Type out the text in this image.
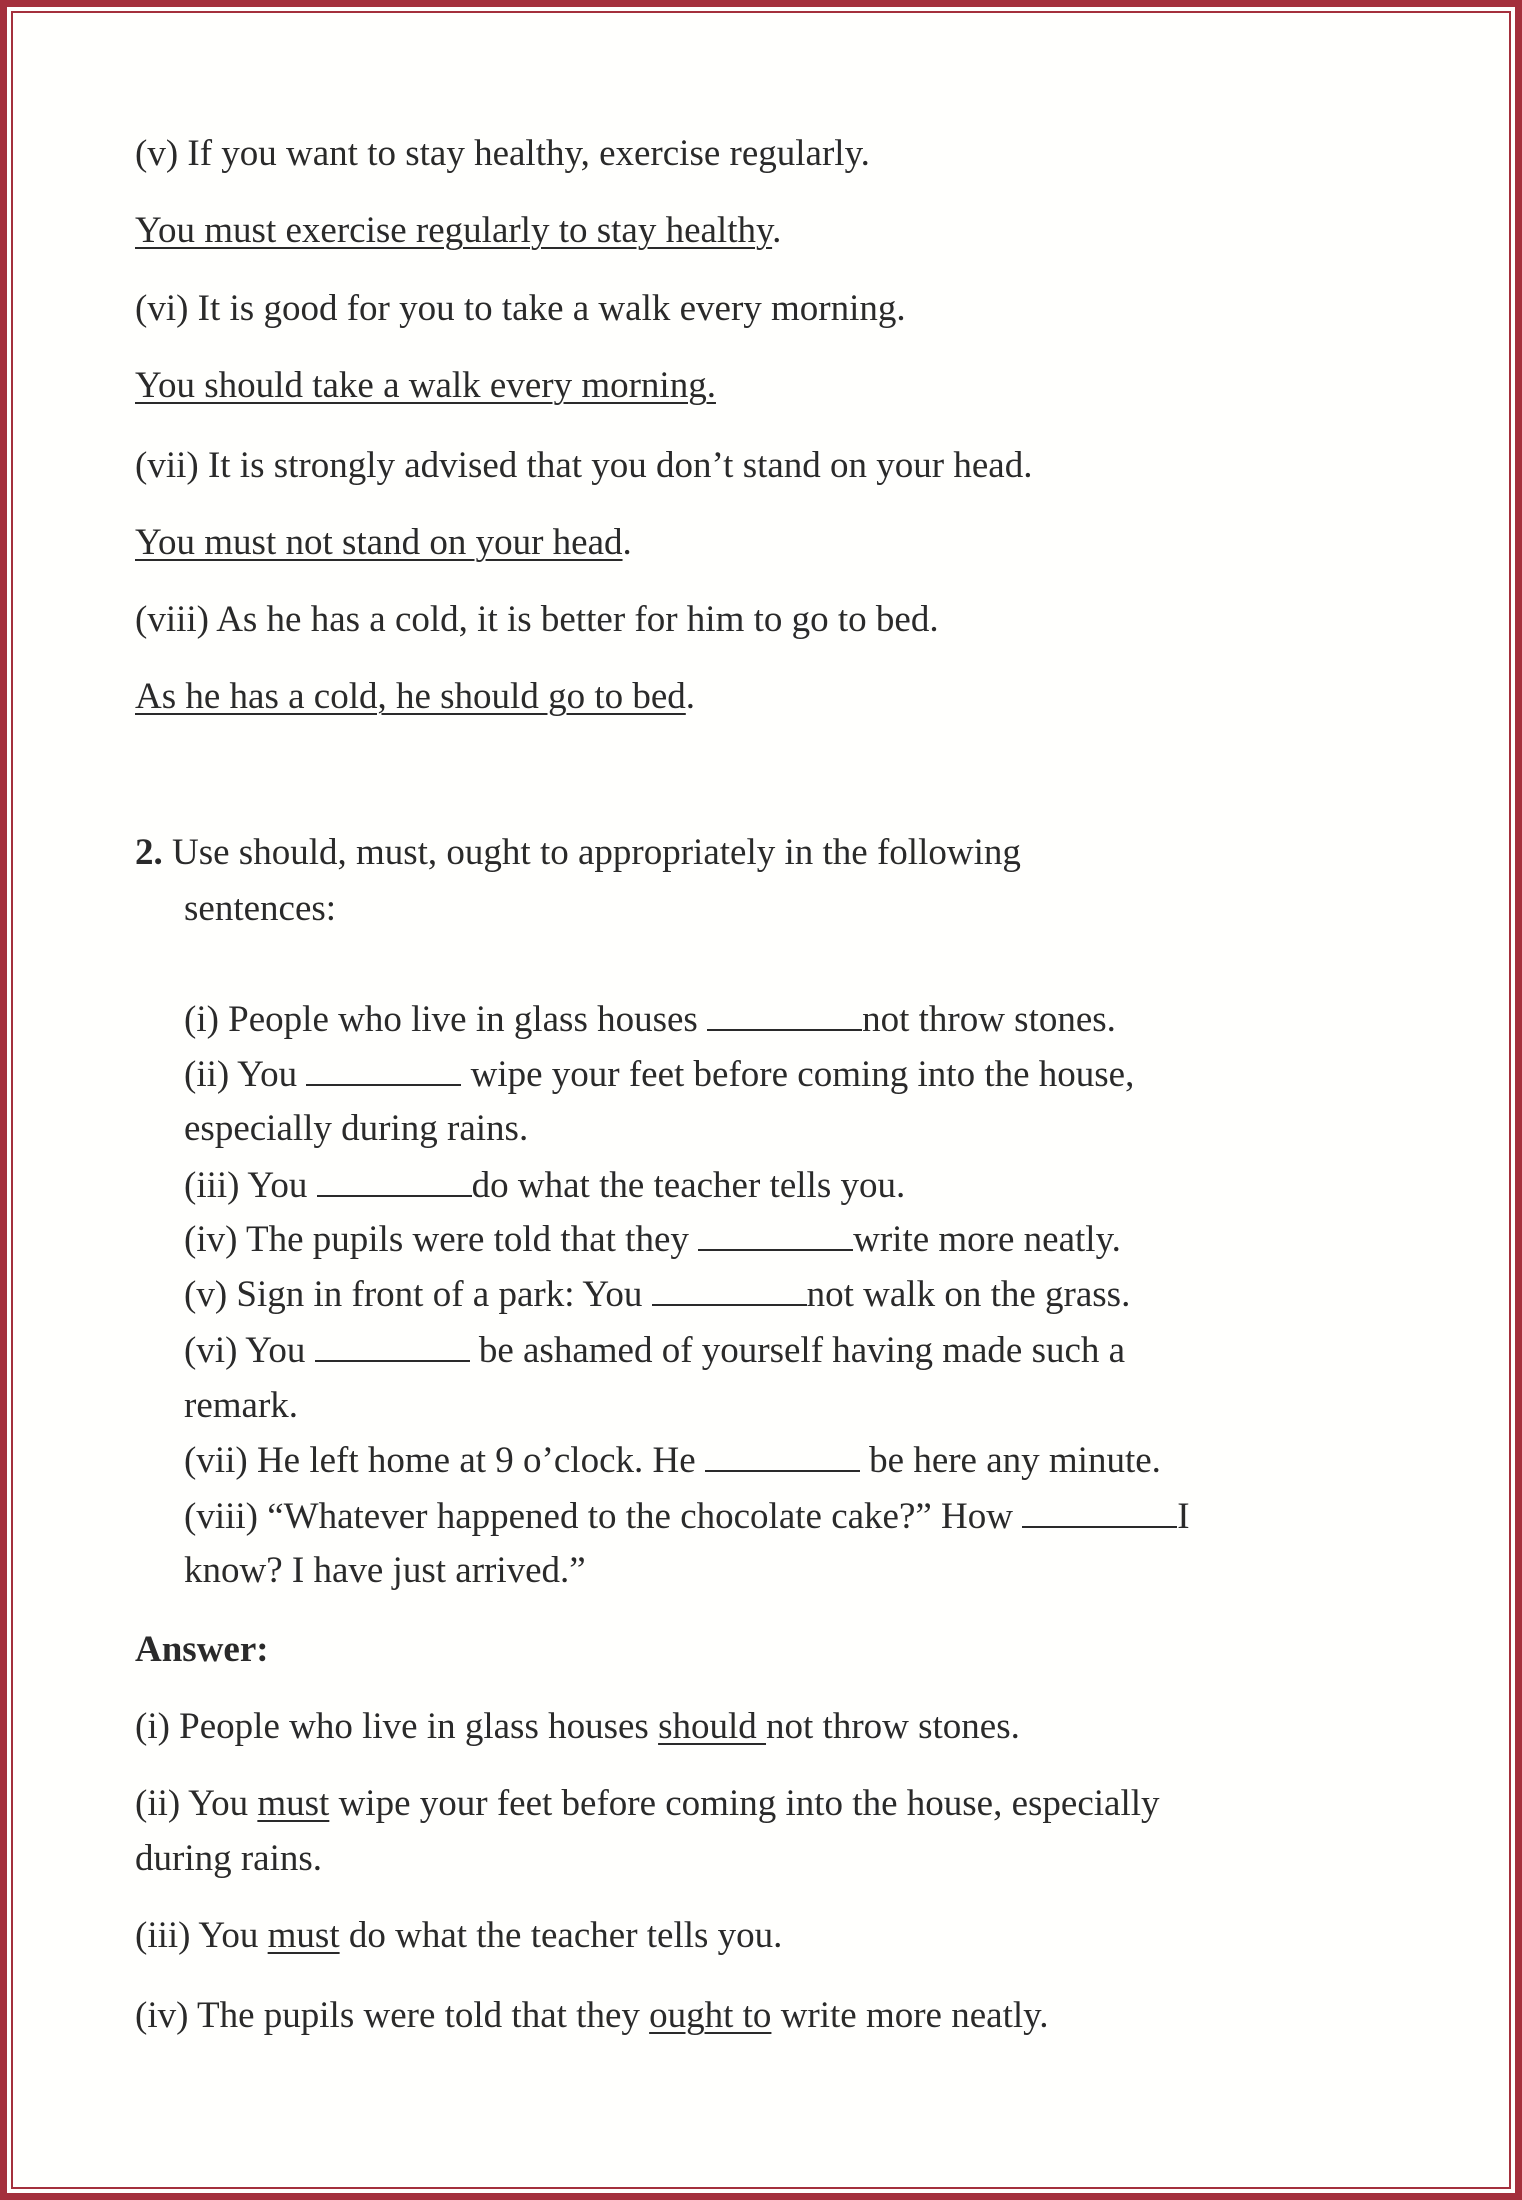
(v) If you want to stay healthy, exercise regularly.
You must exercise regularly to stay healthy.
(vi) It is good for you to take a walk every morning.
You should take a walk every morning.
(vii) It is strongly advised that you don’t stand on your head.
You must not stand on your head.
(viii) As he has a cold, it is better for him to go to bed.
As he has a cold, he should go to bed.
2. Use should, must, ought to appropriately in the following
sentences:
(i) People who live in glass houses	not throw stones.
(ii) You	wipe your feet before coming into the house,
especially during rains.
(iii) You	do what the teacher tells you.
(iv) The pupils were told that they	write more neatly.
(v) Sign in front of a park: You	not walk on the grass.
(vi) You	be ashamed of yourself having made such a
remark.
(vii) He left home at 9 o’clock. He	be here any minute.
(viii) “Whatever happened to the chocolate cake?” How	I
know? I have just arrived.”
Answer:
(i) People who live in glass houses should not throw stones.
(ii) You must wipe your feet before coming into the house, especially
during rains.
(iii) You must do what the teacher tells you.
(iv) The pupils were told that they ought to write more neatly.
